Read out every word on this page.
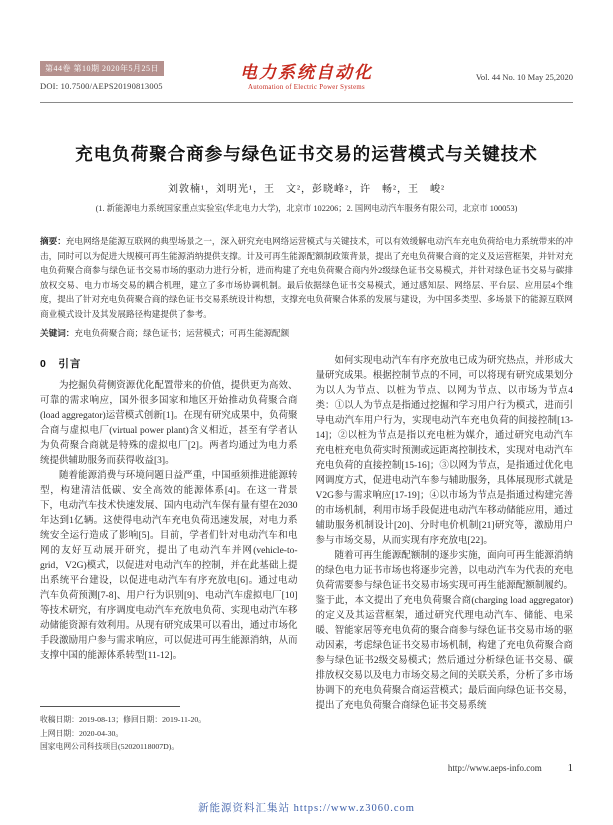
第44卷 第10期 2020年5月25日
DOI: 10.7500/AEPS20190813005
电力系统自动化
Automation of Electric Power Systems
Vol. 44 No. 10 May 25,2020
充电负荷聚合商参与绿色证书交易的运营模式与关键技术
刘敦楠¹，刘明光¹，王　文²，彭晓峰²，许　畅²，王　峻²
(1. 新能源电力系统国家重点实验室(华北电力大学)，北京市 102206；2. 国网电动汽车服务有限公司，北京市 100053)
摘要：充电网络是能源互联网的典型场景之一，深入研究充电网络运营模式与关键技术，可以有效缓解电动汽车充电负荷给电力系统带来的冲击，同时可以为促进大规模可再生能源消纳提供支撑。计及可再生能源配额制政策背景，提出了充电负荷聚合商的定义及运营框架，并针对充电负荷聚合商参与绿色证书交易市场的驱动力进行分析，进而构建了充电负荷聚合商内外2级绿色证书交易模式，并针对绿色证书交易与碳排放权交易、电力市场交易的耦合机理，建立了多市场协调机制。最后依据绿色证书交易模式，通过感知层、网络层、平台层、应用层4个维度，提出了针对充电负荷聚合商的绿色证书交易系统设计构想，支撑充电负荷聚合体系的发展与建设，为中国多类型、多场景下的能源互联网商业模式设计及其发展路径构建提供了参考。
关键词：充电负荷聚合商；绿色证书；运营模式；可再生能源配额
0　引言

为挖掘负荷侧资源优化配置带来的价值，提供更为高效、可靠的需求响应，国外很多国家和地区开始推动负荷聚合商(load aggregator)运营模式创新[1]。在现有研究成果中，负荷聚合商与虚拟电厂(virtual power plant)含义相近，甚至有学者认为负荷聚合商就是特殊的虚拟电厂[2]。两者均通过为电力系统提供辅助服务而获得收益[3]。

随着能源消费与环境问题日益严重，中国亟须推进能源转型，构建清洁低碳、安全高效的能源体系[4]。在这一背景下，电动汽车技术快速发展、国内电动汽车保有量有望在2030年达到1亿辆。这使得电动汽车充电负荷迅速发展，对电力系统安全运行造成了影响[5]。目前，学者们针对电动汽车和电网的友好互动展开研究，提出了电动汽车并网(vehicle-to-grid，V2G)模式，以促进对电动汽车的控制，并在此基础上提出系统平台建设，以促进电动汽车有序充放电[6]。通过电动汽车负荷预测[7-8]、用户行为识别[9]、电动汽车虚拟电厂[10]等技术研究，有序调度电动汽车充放电负荷、实现电动汽车移动储能资源有效利用。从现有研究成果可以看出，通过市场化手段激励用户参与需求响应，可以促进可再生能源消纳，从而支撑中国的能源体系转型[11-12]。

收稿日期：2019-08-13；修回日期：2019-11-20。
上网日期：2020-04-30。
国家电网公司科技项目(52020118007D)。

如何实现电动汽车有序充放电已成为研究热点，并形成大量研究成果。根据控制节点的不同，可以将现有研究成果划分为以人为节点、以桩为节点、以网为节点、以市场为节点4类：①以人为节点是指通过挖掘和学习用户行为模式，进而引导电动汽车用户行为，实现电动汽车充电负荷的间接控制[13-14]；②以桩为节点是指以充电桩为媒介，通过研究电动汽车充电桩充电负荷实时预测或远距离控制技术，实现对电动汽车充电负荷的直接控制[15-16]；③以网为节点，是指通过优化电网调度方式，促进电动汽车参与辅助服务，具体展现形式就是V2G参与需求响应[17-19]；④以市场为节点是指通过构建完善的市场机制，利用市场手段促进电动汽车移动储能应用，通过辅助服务机制设计[20]、分时电价机制[21]研究等，激励用户参与市场交易，从而实现有序充放电[22]。

随着可再生能源配额制的逐步实施，面向可再生能源消纳的绿色电力证书市场也将逐步完善，以电动汽车为代表的充电负荷需要参与绿色证书交易市场实现可再生能源配额制履约。鉴于此，本文提出了充电负荷聚合商(charging load aggregator)的定义及其运营框架，通过研究代理电动汽车、储能、电采暖、智能家居等充电负荷的聚合商参与绿色证书交易市场的驱动因素，考虑绿色证书交易市场机制，构建了充电负荷聚合商参与绿色证书2级交易模式；然后通过分析绿色证书交易、碳排放权交易以及电力市场交易之间的关联关系，分析了多市场协调下的充电负荷聚合商运营模式；最后面向绿色证书交易，提出了充电负荷聚合商绿色证书交易系统

http://www.aeps-info.com 1
新能源资料汇集站 https://www.z3060.com
